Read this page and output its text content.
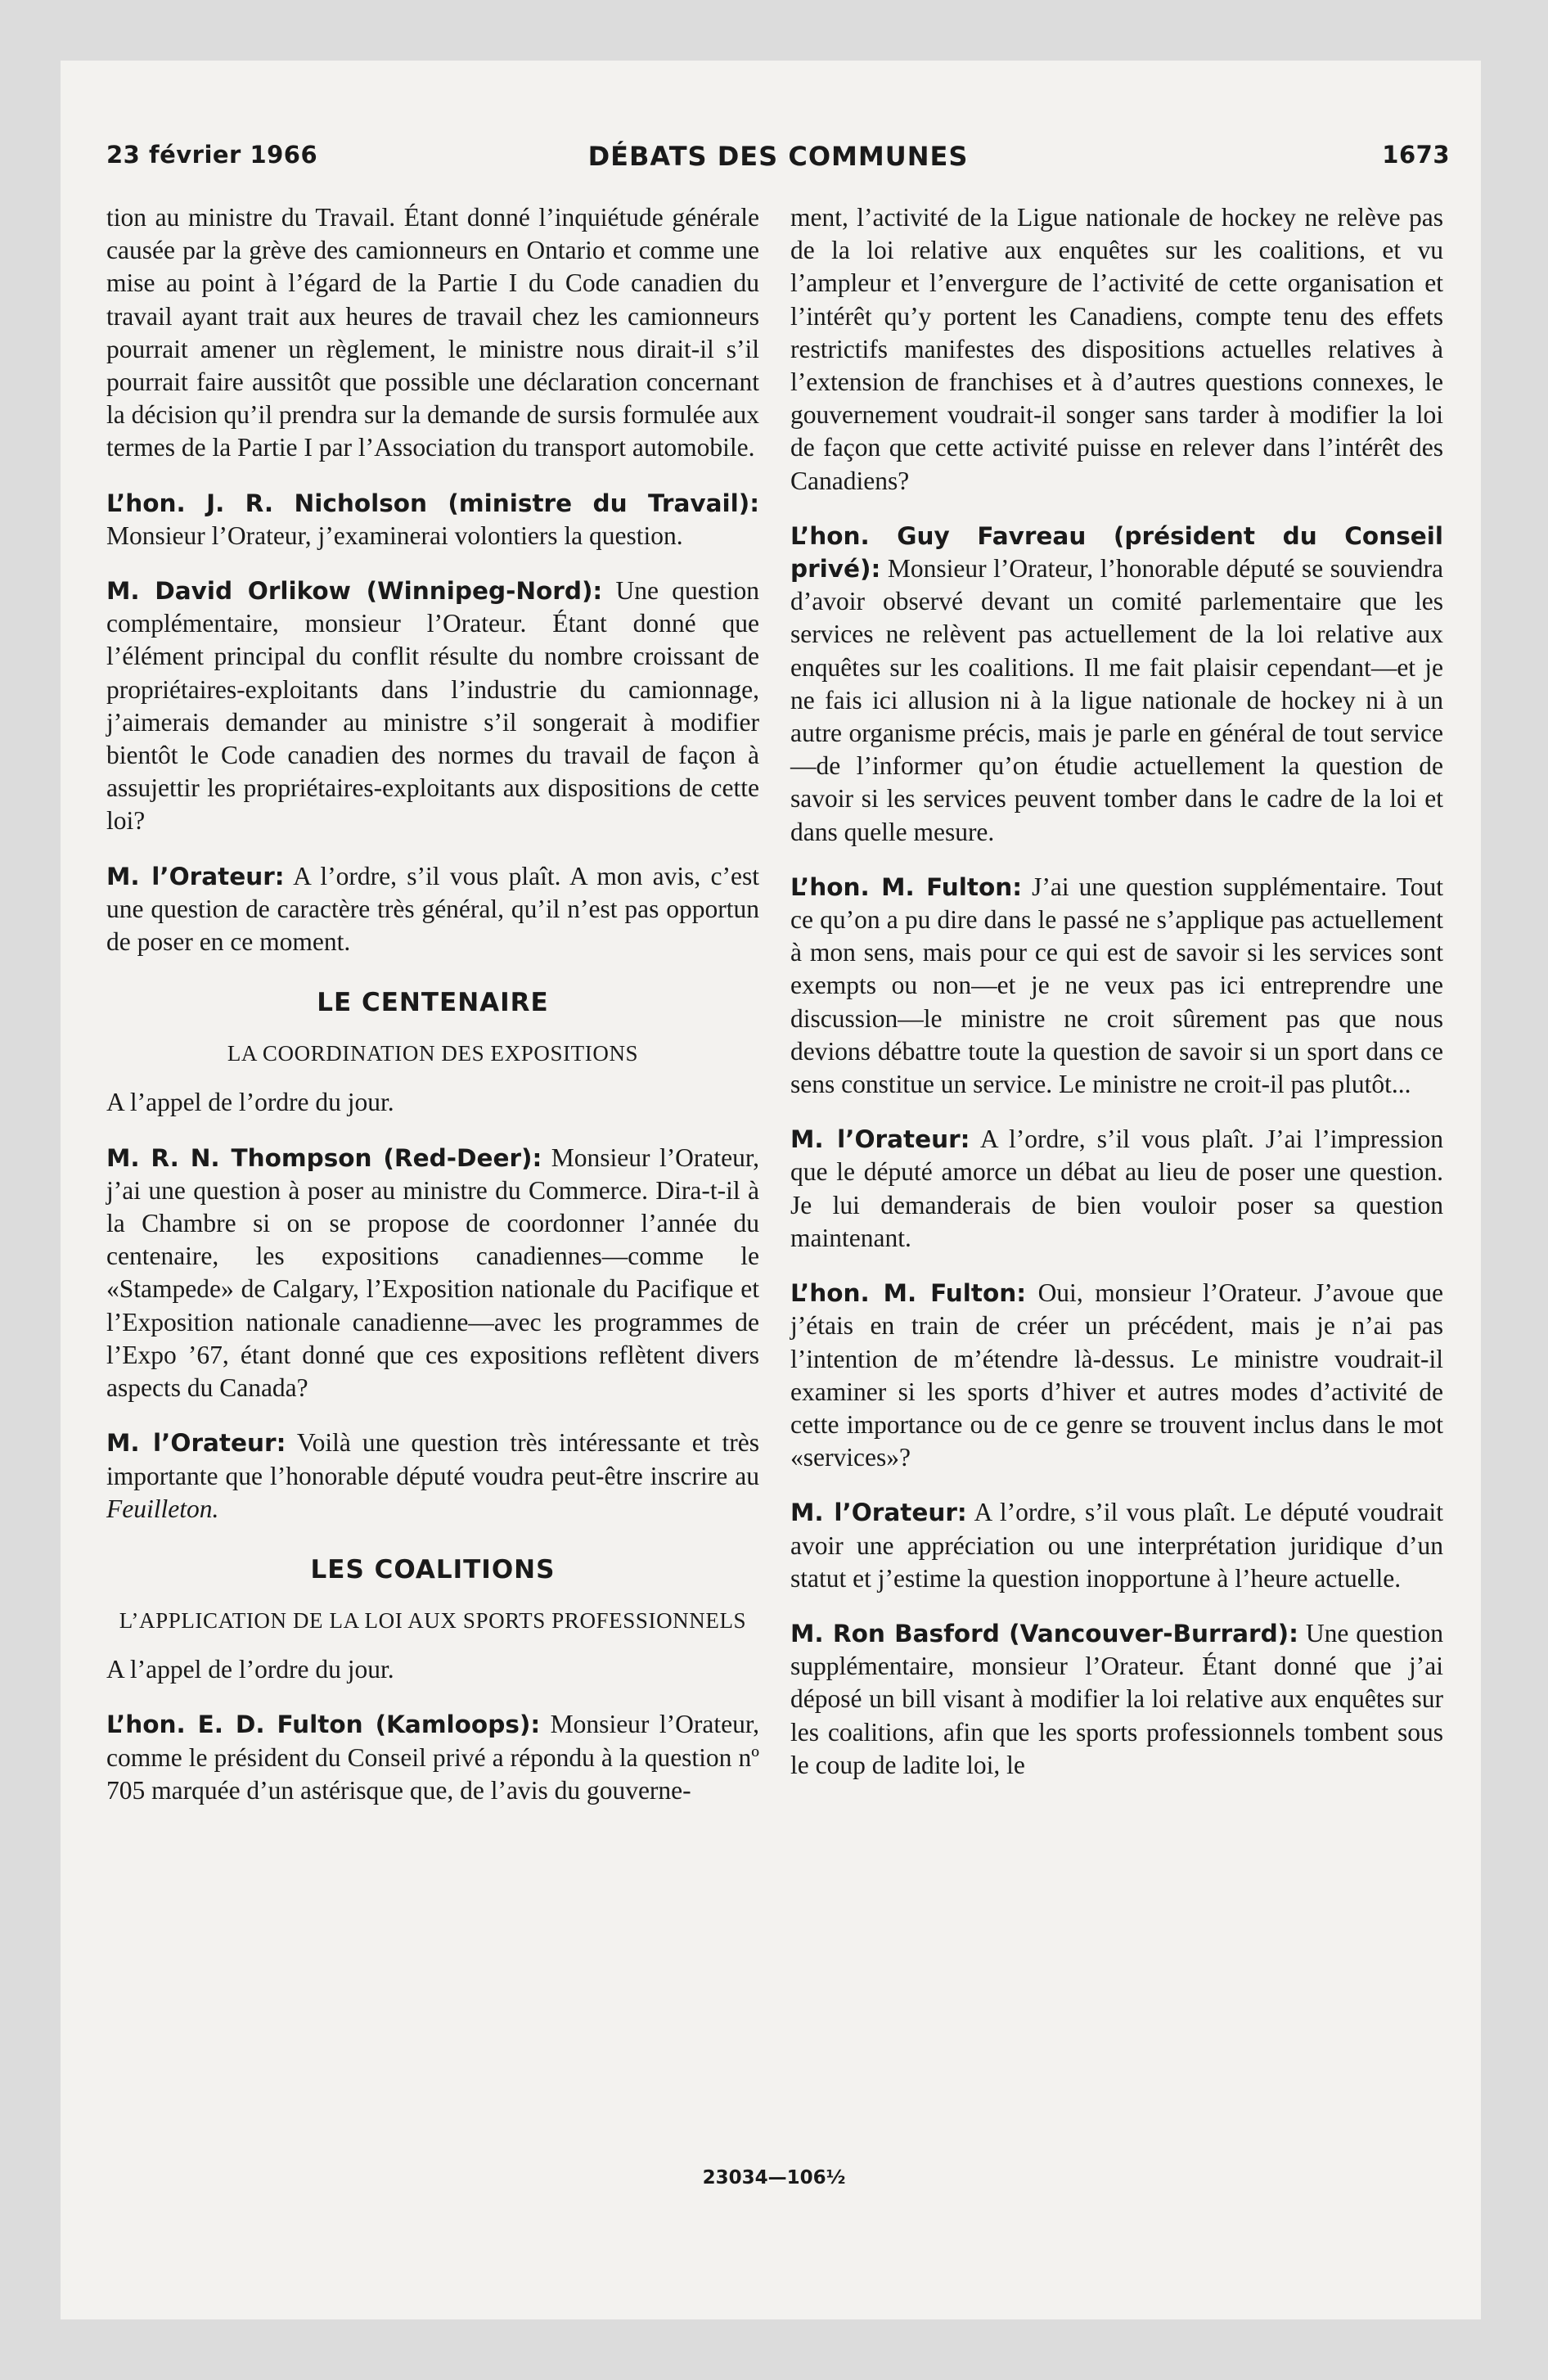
23 février 1966	DÉBATS DES COMMUNES	1673

tion au ministre du Travail. Étant donné l’inquiétude générale causée par la grève des camionneurs en Ontario et comme une mise au point à l’égard de la Partie I du Code canadien du travail ayant trait aux heures de travail chez les camionneurs pourrait amener un règlement, le ministre nous dirait-il s’il pourrait faire aussitôt que possible une déclaration concernant la décision qu’il prendra sur la demande de sursis formulée aux termes de la Partie I par l’Association du transport automobile.

L’hon. J. R. Nicholson (ministre du Travail): Monsieur l’Orateur, j’examinerai volontiers la question.

M. David Orlikow (Winnipeg-Nord): Une question complémentaire, monsieur l’Orateur. Étant donné que l’élément principal du conflit résulte du nombre croissant de propriétaires-exploitants dans l’industrie du camionnage, j’aimerais demander au ministre s’il songerait à modifier bientôt le Code canadien des normes du travail de façon à assujettir les propriétaires-exploitants aux dispositions de cette loi?

M. l’Orateur: A l’ordre, s’il vous plaît. A mon avis, c’est une question de caractère très général, qu’il n’est pas opportun de poser en ce moment.

LE CENTENAIRE
LA COORDINATION DES EXPOSITIONS

A l’appel de l’ordre du jour.

M. R. N. Thompson (Red-Deer): Monsieur l’Orateur, j’ai une question à poser au ministre du Commerce. Dira-t-il à la Chambre si on se propose de coordonner l’année du centenaire, les expositions canadiennes—comme le «Stampede» de Calgary, l’Exposition nationale du Pacifique et l’Exposition nationale canadienne—avec les programmes de l’Expo ’67, étant donné que ces expositions reflètent divers aspects du Canada?

M. l’Orateur: Voilà une question très intéressante et très importante que l’honorable député voudra peut-être inscrire au Feuilleton.

LES COALITIONS
L’APPLICATION DE LA LOI AUX SPORTS PROFESSIONNELS

A l’appel de l’ordre du jour.

L’hon. E. D. Fulton (Kamloops): Monsieur l’Orateur, comme le président du Conseil privé a répondu à la question nº 705 marquée d’un astérisque que, de l’avis du gouverne-

ment, l’activité de la Ligue nationale de hockey ne relève pas de la loi relative aux enquêtes sur les coalitions, et vu l’ampleur et l’envergure de l’activité de cette organisation et l’intérêt qu’y portent les Canadiens, compte tenu des effets restrictifs manifestes des dispositions actuelles relatives à l’extension de franchises et à d’autres questions connexes, le gouvernement voudrait-il songer sans tarder à modifier la loi de façon que cette activité puisse en relever dans l’intérêt des Canadiens?

L’hon. Guy Favreau (président du Conseil privé): Monsieur l’Orateur, l’honorable député se souviendra d’avoir observé devant un comité parlementaire que les services ne relèvent pas actuellement de la loi relative aux enquêtes sur les coalitions. Il me fait plaisir cependant—et je ne fais ici allusion ni à la ligue nationale de hockey ni à un autre organisme précis, mais je parle en général de tout service—de l’informer qu’on étudie actuellement la question de savoir si les services peuvent tomber dans le cadre de la loi et dans quelle mesure.

L’hon. M. Fulton: J’ai une question supplémentaire. Tout ce qu’on a pu dire dans le passé ne s’applique pas actuellement à mon sens, mais pour ce qui est de savoir si les services sont exempts ou non—et je ne veux pas ici entreprendre une discussion—le ministre ne croit sûrement pas que nous devions débattre toute la question de savoir si un sport dans ce sens constitue un service. Le ministre ne croit-il pas plutôt...

M. l’Orateur: A l’ordre, s’il vous plaît. J’ai l’impression que le député amorce un débat au lieu de poser une question. Je lui demanderais de bien vouloir poser sa question maintenant.

L’hon. M. Fulton: Oui, monsieur l’Orateur. J’avoue que j’étais en train de créer un précédent, mais je n’ai pas l’intention de m’étendre là-dessus. Le ministre voudrait-il examiner si les sports d’hiver et autres modes d’activité de cette importance ou de ce genre se trouvent inclus dans le mot «services»?

M. l’Orateur: A l’ordre, s’il vous plaît. Le député voudrait avoir une appréciation ou une interprétation juridique d’un statut et j’estime la question inopportune à l’heure actuelle.

M. Ron Basford (Vancouver-Burrard): Une question supplémentaire, monsieur l’Orateur. Étant donné que j’ai déposé un bill visant à modifier la loi relative aux enquêtes sur les coalitions, afin que les sports professionnels tombent sous le coup de ladite loi, le

23034—106½
